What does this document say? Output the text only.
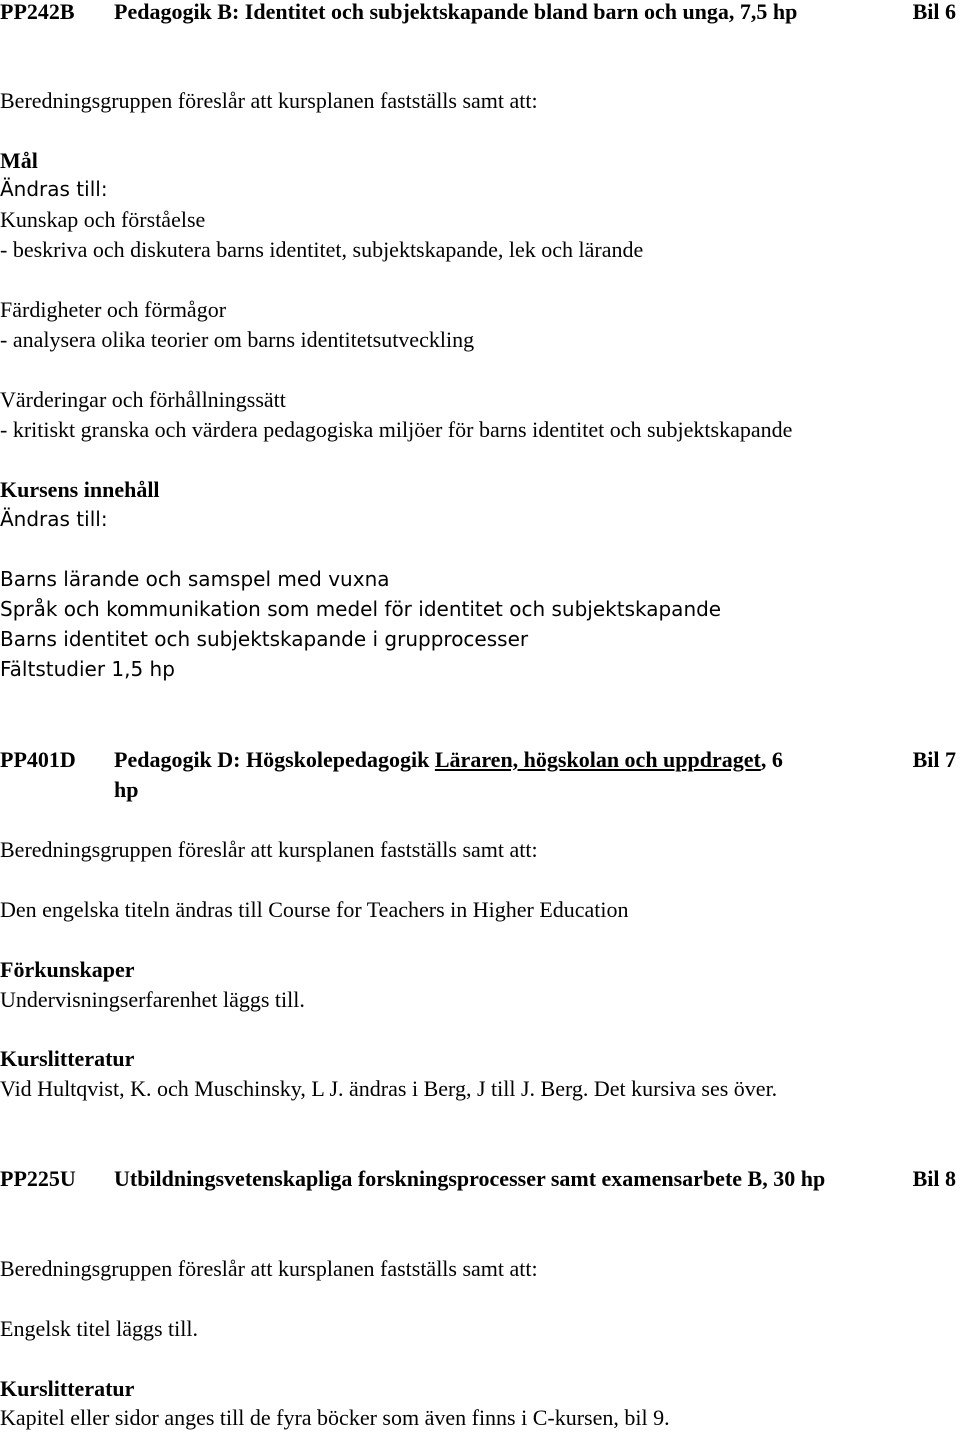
PP242B Pedagogik B: Identitet och subjektskapande bland barn och unga, 7,5 hp	Bil 6
Beredningsgruppen föreslår att kursplanen fastställs samt att:
Mål
Ändras till:
Kunskap och förståelse
- beskriva och diskutera barns identitet, subjektskapande, lek och lärande
Färdigheter och förmågor
- analysera olika teorier om barns identitetsutveckling
Värderingar och förhållningssätt
- kritiskt granska och värdera pedagogiska miljöer för barns identitet och subjektskapande
Kursens innehåll
Ändras till:
Barns lärande och samspel med vuxna
Språk och kommunikation som medel för identitet och subjektskapande
Barns identitet och subjektskapande i grupprocesser
Fältstudier 1,5 hp
PP401D Pedagogik D: Högskolepedagogik Läraren, högskolan och uppdraget, 6 hp
Bil 7
Beredningsgruppen föreslår att kursplanen fastställs samt att:
Den engelska titeln ändras till Course for Teachers in Higher Education
Förkunskaper
Undervisningserfarenhet läggs till.
Kurslitteratur
Vid Hultqvist, K. och Muschinsky, L J. ändras i Berg, J till J. Berg. Det kursiva ses över.
PP225U Utbildningsvetenskapliga forskningsprocesser samt examensarbete B, 30 hp	Bil 8
Beredningsgruppen föreslår att kursplanen fastställs samt att:
Engelsk titel läggs till.
Kurslitteratur
Kapitel eller sidor anges till de fyra böcker som även finns i C-kursen, bil 9.
